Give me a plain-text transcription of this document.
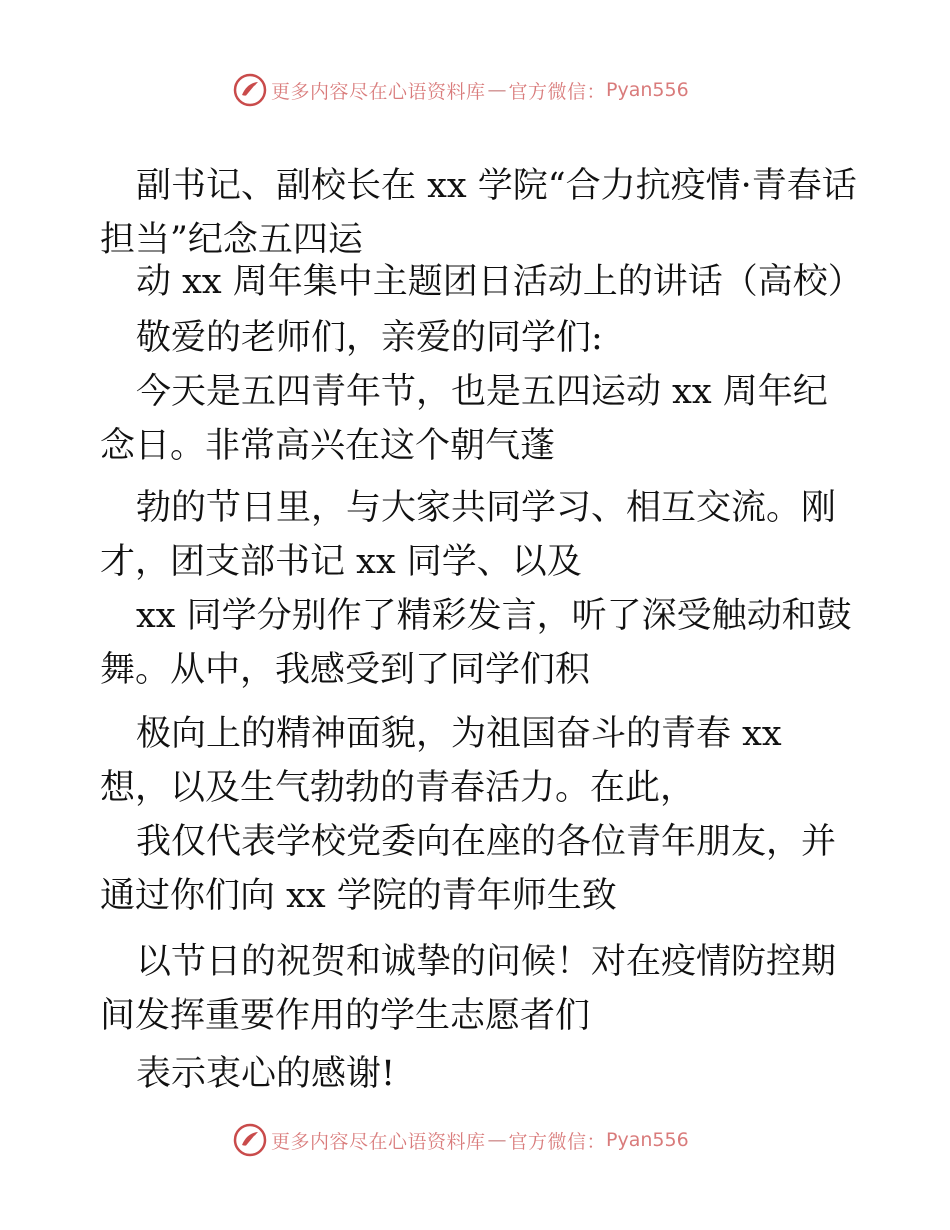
更多内容尽在心语资料库 — 官方微信： Pyan556

副书记、副校长在 xx 学院“合力抗疫情·青春话担当”纪念五四运

动 xx 周年集中主题团日活动上的讲话（高校）

敬爱的老师们，亲爱的同学们:

今天是五四青年节，也是五四运动 xx 周年纪念日。非常高兴在这个朝气蓬

勃的节日里，与大家共同学习、相互交流。刚才，团支部书记 xx 同学、以及

xx 同学分别作了精彩发言，听了深受触动和鼓舞。从中，我感受到了同学们积

极向上的精神面貌，为祖国奋斗的青春 xx 想，以及生气勃勃的青春活力。在此，

我仅代表学校党委向在座的各位青年朋友，并通过你们向 xx 学院的青年师生致

以节日的祝贺和诚挚的问候！对在疫情防控期间发挥重要作用的学生志愿者们

表示衷心的感谢!

更多内容尽在心语资料库 — 官方微信： Pyan556
